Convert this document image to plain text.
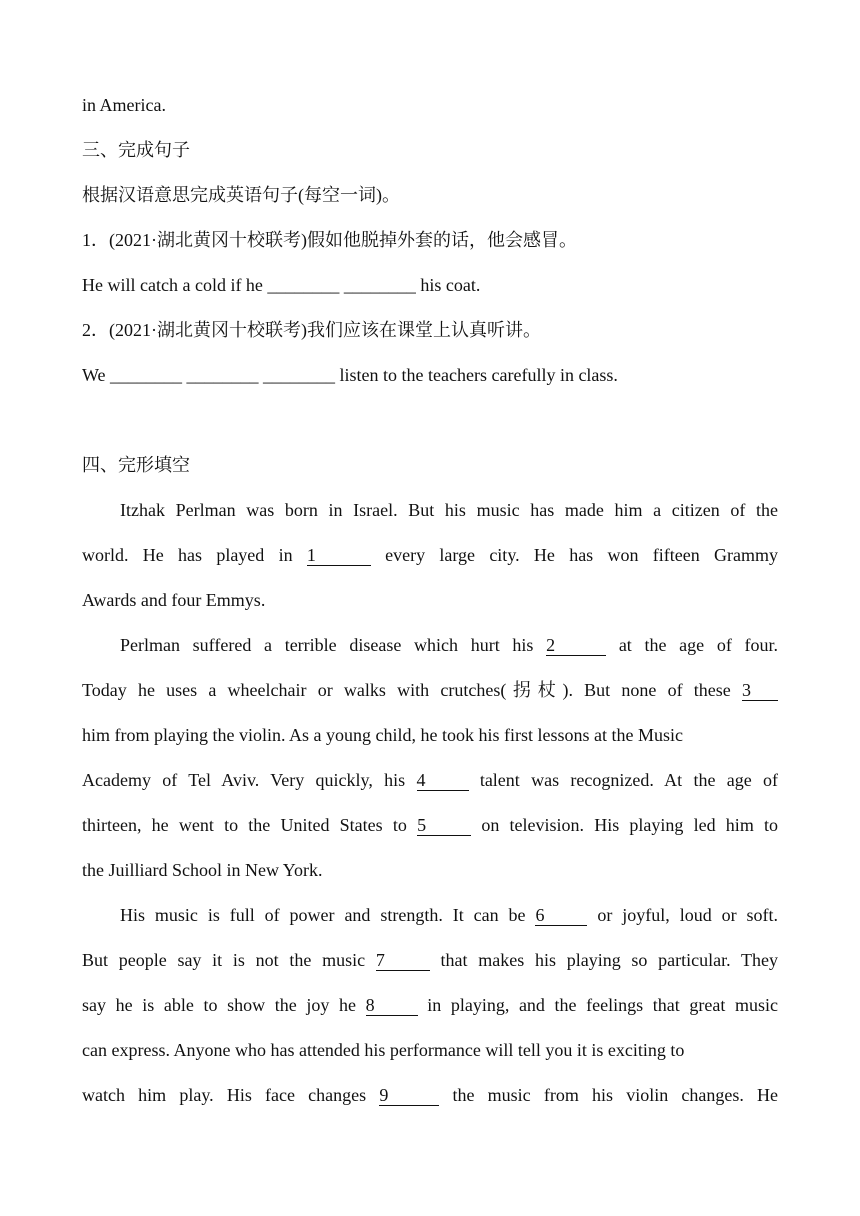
in America.
三、完成句子
根据汉语意思完成英语句子(每空一词)。
1．(2021·湖北黄冈十校联考)假如他脱掉外套的话，他会感冒。
He will catch a cold if he ________ ________ his coat.
2．(2021·湖北黄冈十校联考)我们应该在课堂上认真听讲。
We ________ ________ ________ listen to the teachers carefully in class.
四、完形填空
Itzhak Perlman was born in Israel. But his music has made him a citizen of the
world. He has played in 1	every large city. He has won fifteen Grammy
Awards and four Emmys.
Perlman suffered a terrible disease which hurt his 2	at the age of four.
Today he uses a wheelchair or walks with crutches(拐杖). But none of these 3
him from playing the violin. As a young child, he took his first lessons at the Music
Academy of Tel Aviv. Very quickly, his 4	talent was recognized. At the age of
thirteen, he went to the United States to 5	on television. His playing led him to
the Juilliard School in New York.
His music is full of power and strength. It can be 6	or joyful, loud or soft.
But people say it is not the music 7	that makes his playing so particular. They
say he is able to show the joy he 8	in playing, and the feelings that great music
can express. Anyone who has attended his performance will tell you it is exciting to
watch him play. His face changes 9	the music from his violin changes. He
